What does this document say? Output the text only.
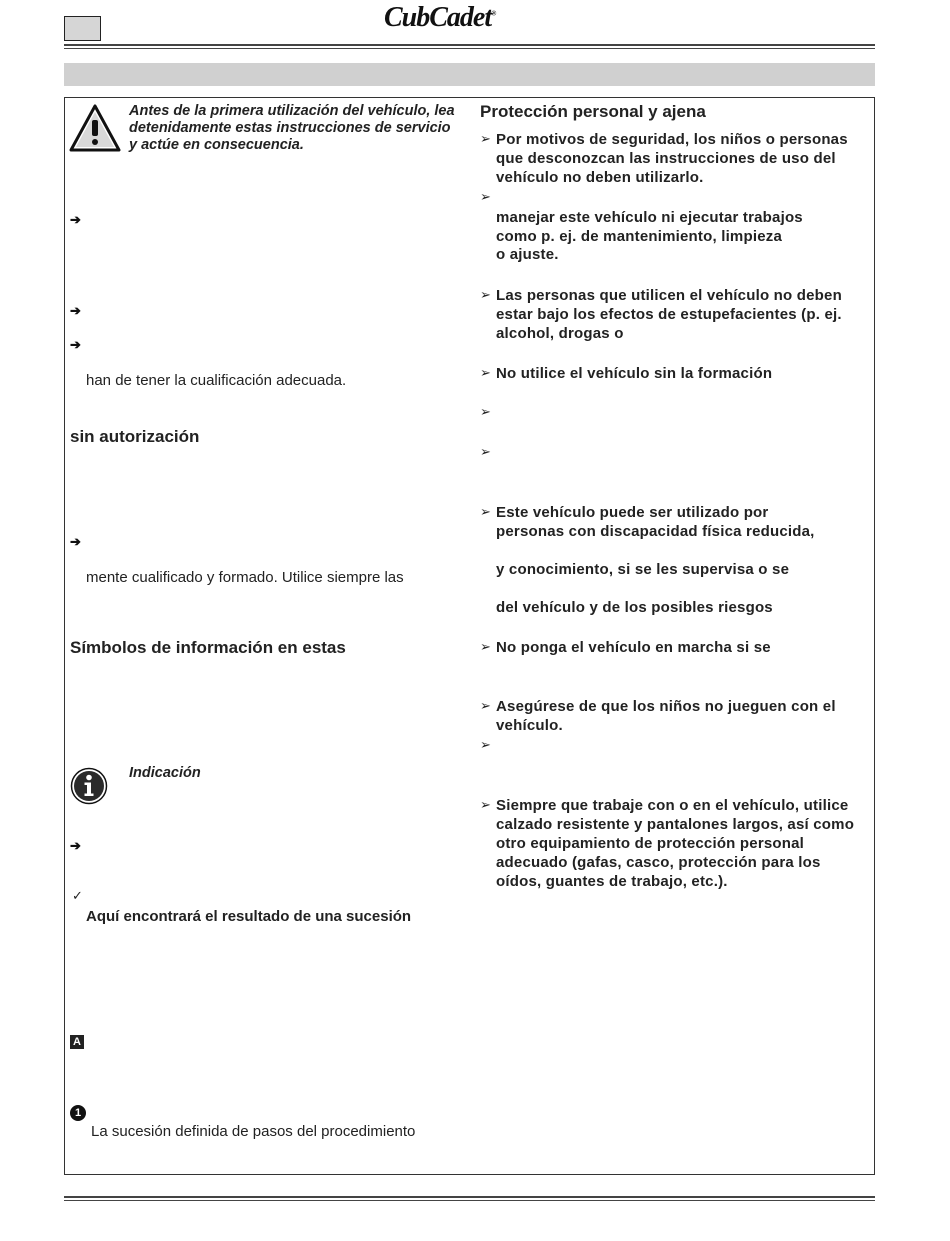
CubCadet®
Antes de la primera utilización del vehículo, lea detenidamente estas instrucciones de servicio y actúe en consecuencia.
➔
➔
➔
han de tener la cualificación adecuada.
sin autorización
➔
mente cualificado y formado. Utilice siempre las
Símbolos de información en estas
Indicación
➔
✓
Aquí encontrará el resultado de una sucesión
A
1
La sucesión definida de pasos del procedimiento
Protección personal y ajena
➢ Por motivos de seguridad, los niños o personas que desconozcan las instrucciones de uso del vehículo no deben utilizarlo.
➢
manejar este vehículo ni ejecutar trabajos
como p. ej. de mantenimiento, limpieza
o ajuste.
➢ Las personas que utilicen el vehículo no deben estar bajo los efectos de estupefacientes (p. ej. alcohol, drogas o
➢ No utilice el vehículo sin la formación
➢
➢
➢ Este vehículo puede ser utilizado por
personas con discapacidad física reducida,
y conocimiento, si se les supervisa o se
del vehículo y de los posibles riesgos
➢ No ponga el vehículo en marcha si se
➢ Asegúrese de que los niños no jueguen con el vehículo.
➢
➢ Siempre que trabaje con o en el vehículo, utilice calzado resistente y pantalones largos, así como otro equipamiento de protección personal adecuado (gafas, casco, protección para los oídos, guantes de trabajo, etc.).
